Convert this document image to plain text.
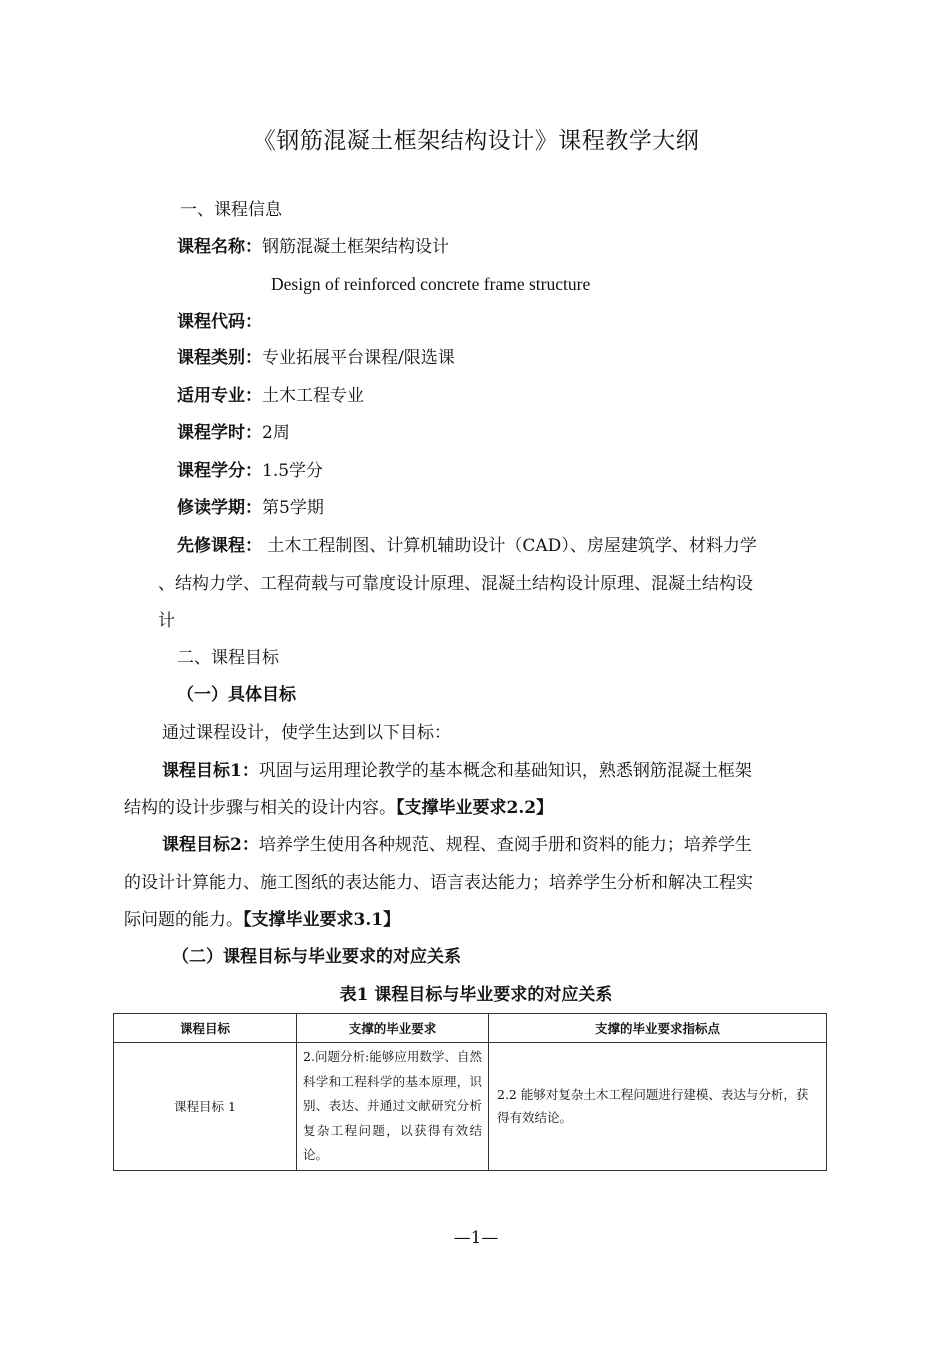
《钢筋混凝土框架结构设计》课程教学大纲
一、课程信息
课程名称：钢筋混凝土框架结构设计
Design of reinforced concrete frame structure
课程代码：
课程类别：专业拓展平台课程/限选课
适用专业：土木工程专业
课程学时：2周
课程学分：1.5学分
修读学期：第5学期
先修课程： 土木工程制图、计算机辅助设计（CAD）、房屋建筑学、材料力学
、结构力学、工程荷载与可靠度设计原理、混凝土结构设计原理、混凝土结构设
计
二、课程目标
（一）具体目标
通过课程设计，使学生达到以下目标：
课程目标1：巩固与运用理论教学的基本概念和基础知识，熟悉钢筋混凝土框架
结构的设计步骤与相关的设计内容。【支撑毕业要求2.2】
课程目标2：培养学生使用各种规范、规程、查阅手册和资料的能力；培养学生
的设计计算能力、施工图纸的表达能力、语言表达能力；培养学生分析和解决工程实
际问题的能力。【支撑毕业要求3.1】
（二）课程目标与毕业要求的对应关系
表1 课程目标与毕业要求的对应关系
课程目标	支撑的毕业要求	支撑的毕业要求指标点
课程目标 1	2.问题分析:能够应用数学、自然科学和工程科学的基本原理，识别、表达、并通过文献研究分析复杂工程问题，以获得有效结论。	2.2 能够对复杂土木工程问题进行建模、表达与分析，获得有效结论。
—1—
